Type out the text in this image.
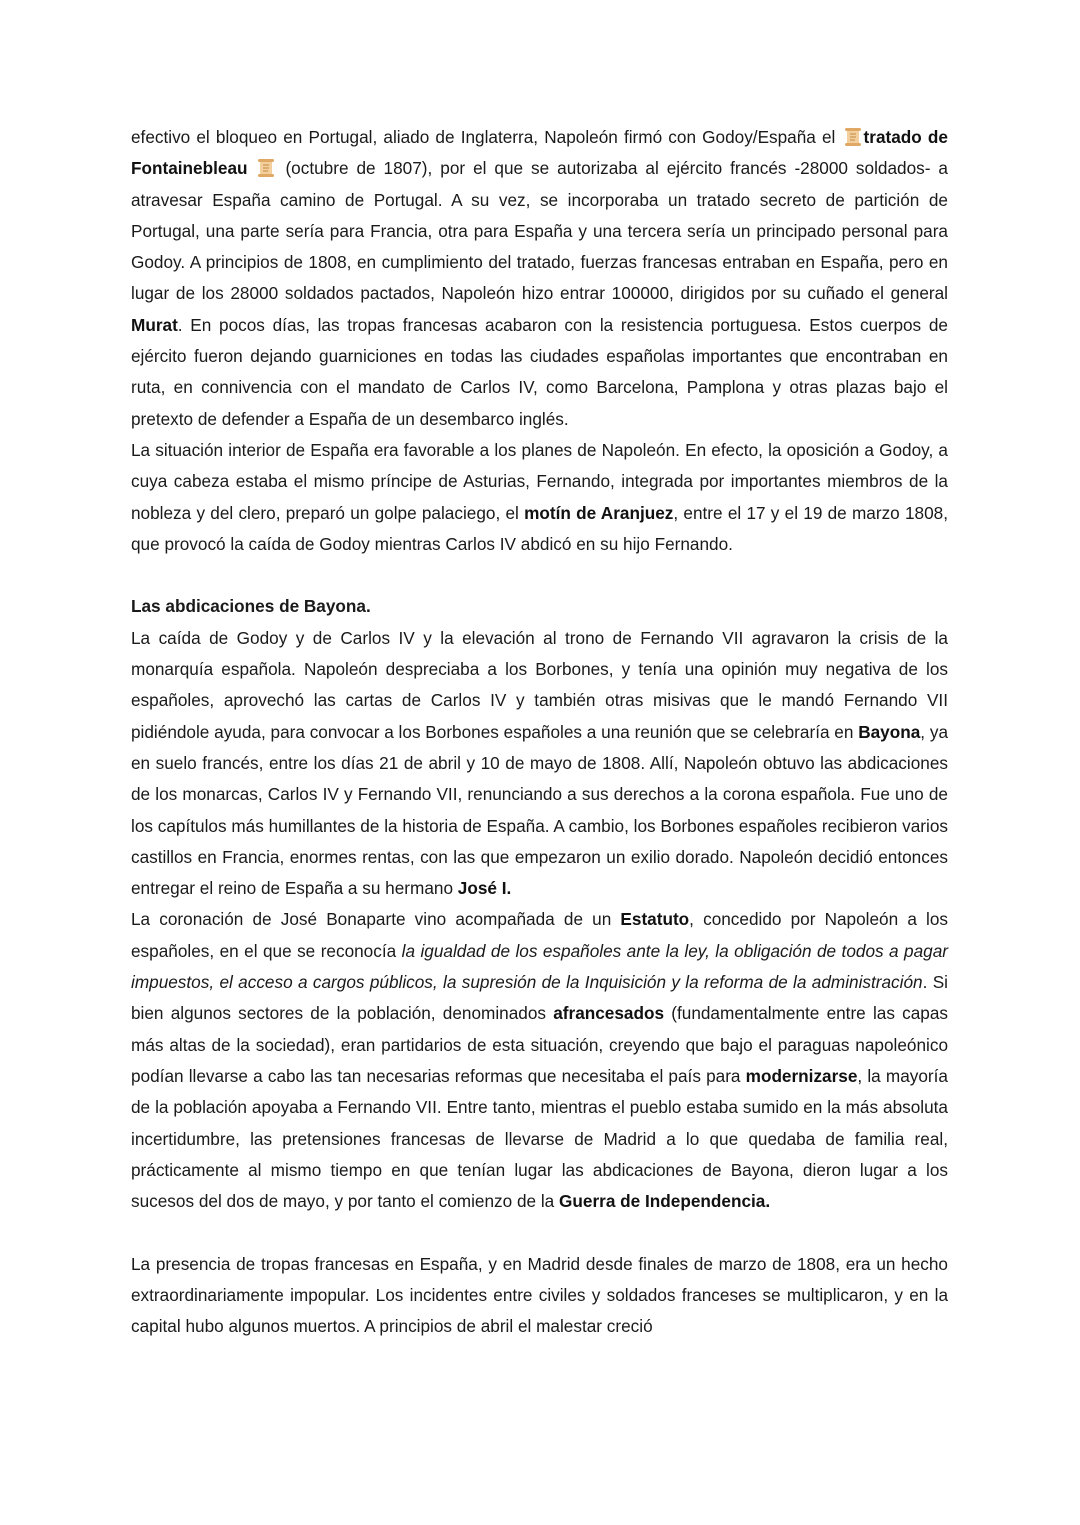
efectivo el bloqueo en Portugal, aliado de Inglaterra, Napoleón firmó con Godoy/España el tratado de Fontainebleau  (octubre de 1807), por el que se autorizaba al ejército francés -28000 soldados- a atravesar España camino de Portugal. A su vez, se incorporaba un tratado secreto de partición de Portugal, una parte sería para Francia, otra para España y una tercera sería un principado personal para Godoy. A principios de 1808, en cumplimiento del tratado, fuerzas francesas entraban en España, pero en lugar de los 28000 soldados pactados, Napoleón hizo entrar 100000, dirigidos por su cuñado el general Murat. En pocos días, las tropas francesas acabaron con la resistencia portuguesa. Estos cuerpos de ejército fueron dejando guarniciones en todas las ciudades españolas importantes que encontraban en ruta, en connivencia con el mandato de Carlos IV, como Barcelona, Pamplona y otras plazas bajo el pretexto de defender a España de un desembarco inglés.

La situación interior de España era favorable a los planes de Napoleón. En efecto, la oposición a Godoy, a cuya cabeza estaba el mismo príncipe de Asturias, Fernando, integrada por importantes miembros de la nobleza y del clero, preparó un golpe palaciego, el motín de Aranjuez, entre el 17 y el 19 de marzo 1808, que provocó la caída de Godoy mientras Carlos IV abdicó en su hijo Fernando.

Las abdicaciones de Bayona.

La caída de Godoy y de Carlos IV y la elevación al trono de Fernando VII agravaron la crisis de la monarquía española. Napoleón despreciaba a los Borbones, y tenía una opinión muy negativa de los españoles, aprovechó las cartas de Carlos IV y también otras misivas que le mandó Fernando VII pidiéndole ayuda, para convocar a los Borbones españoles a una reunión que se celebraría en Bayona, ya en suelo francés, entre los días 21 de abril y 10 de mayo de 1808. Allí, Napoleón obtuvo las abdicaciones de los monarcas, Carlos IV y Fernando VII, renunciando a sus derechos a la corona española. Fue uno de los capítulos más humillantes de la historia de España. A cambio, los Borbones españoles recibieron varios castillos en Francia, enormes rentas, con las que empezaron un exilio dorado. Napoleón decidió entonces entregar el reino de España a su hermano José I.

La coronación de José Bonaparte vino acompañada de un Estatuto, concedido por Napoleón a los españoles, en el que se reconocía la igualdad de los españoles ante la ley, la obligación de todos a pagar impuestos, el acceso a cargos públicos, la supresión de la Inquisición y la reforma de la administración. Si bien algunos sectores de la población, denominados afrancesados (fundamentalmente entre las capas más altas de la sociedad), eran partidarios de esta situación, creyendo que bajo el paraguas napoleónico podían llevarse a cabo las tan necesarias reformas que necesitaba el país para modernizarse, la mayoría de la población apoyaba a Fernando VII. Entre tanto, mientras el pueblo estaba sumido en la más absoluta incertidumbre, las pretensiones francesas de llevarse de Madrid a lo que quedaba de familia real, prácticamente al mismo tiempo en que tenían lugar las abdicaciones de Bayona, dieron lugar a los sucesos del dos de mayo, y por tanto el comienzo de la Guerra de Independencia.

La presencia de tropas francesas en España, y en Madrid desde finales de marzo de 1808, era un hecho extraordinariamente impopular. Los incidentes entre civiles y soldados franceses se multiplicaron, y en la capital hubo algunos muertos. A principios de abril el malestar creció
